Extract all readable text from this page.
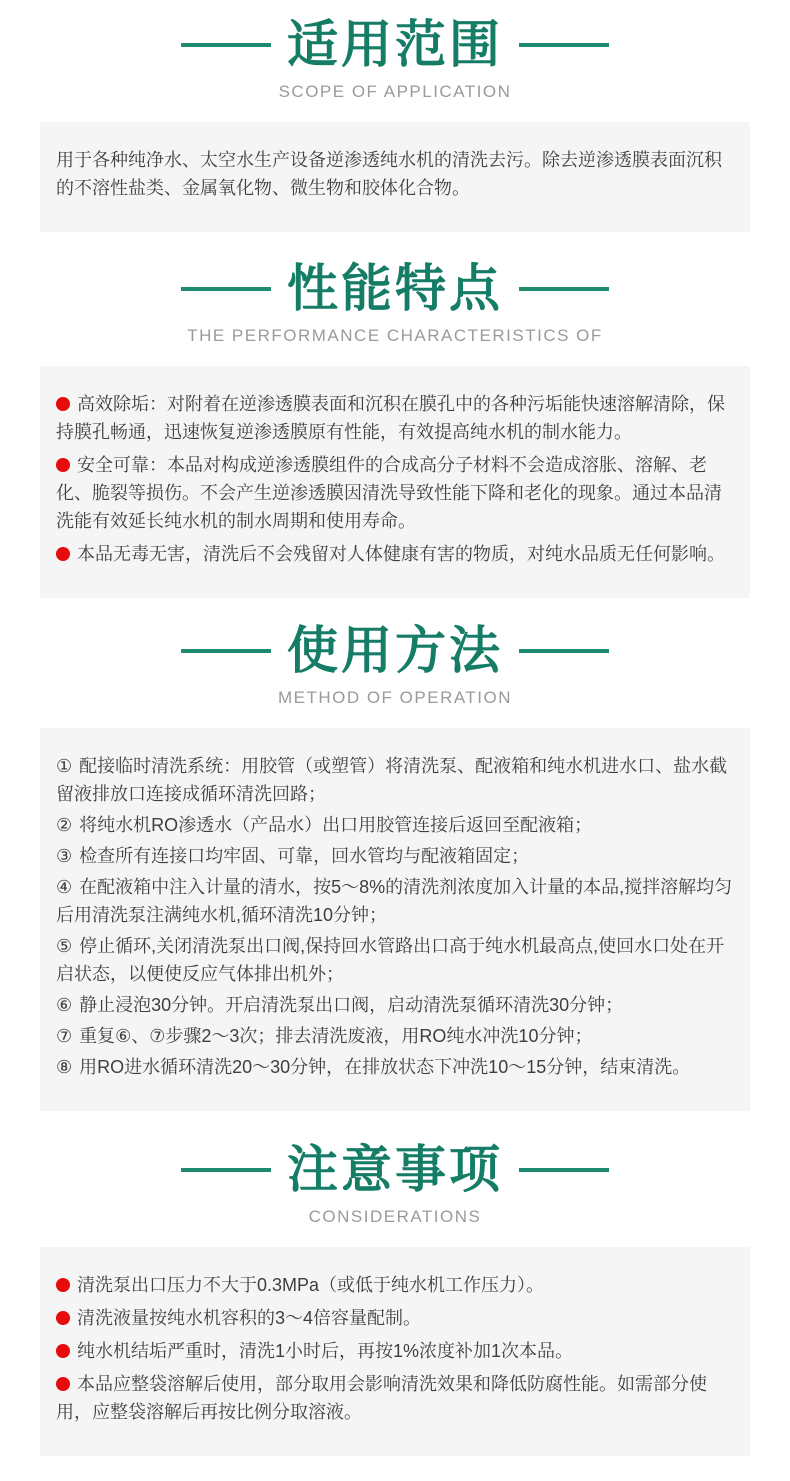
适用范围
SCOPE OF APPLICATION

用于各种纯净水、太空水生产设备逆渗透纯水机的清洗去污。除去逆渗透膜表面沉积的不溶性盐类、金属氧化物、微生物和胶体化合物。

性能特点
THE PERFORMANCE CHARACTERISTICS OF

高效除垢：对附着在逆渗透膜表面和沉积在膜孔中的各种污垢能快速溶解清除，保持膜孔畅通，迅速恢复逆渗透膜原有性能，有效提高纯水机的制水能力。

安全可靠：本品对构成逆渗透膜组件的合成高分子材料不会造成溶胀、溶解、老化、脆裂等损伤。不会产生逆渗透膜因清洗导致性能下降和老化的现象。通过本品清洗能有效延长纯水机的制水周期和使用寿命。

本品无毒无害，清洗后不会残留对人体健康有害的物质，对纯水品质无任何影响。

使用方法
METHOD OF OPERATION

① 配接临时清洗系统：用胶管（或塑管）将清洗泵、配液箱和纯水机进水口、盐水截留液排放口连接成循环清洗回路；

② 将纯水机RO渗透水（产品水）出口用胶管连接后返回至配液箱；

③ 检查所有连接口均牢固、可靠，回水管均与配液箱固定；

④ 在配液箱中注入计量的清水，按5～8%的清洗剂浓度加入计量的本品,搅拌溶解均匀后用清洗泵注满纯水机,循环清洗10分钟；

⑤ 停止循环,关闭清洗泵出口阀,保持回水管路出口高于纯水机最高点,使回水口处在开启状态，以便使反应气体排出机外；

⑥ 静止浸泡30分钟。开启清洗泵出口阀，启动清洗泵循环清洗30分钟；

⑦ 重复⑥、⑦步骤2～3次；排去清洗废液，用RO纯水冲洗10分钟；

⑧ 用RO进水循环清洗20～30分钟，在排放状态下冲洗10～15分钟，结束清洗。

注意事项
CONSIDERATIONS

清洗泵出口压力不大于0.3MPa（或低于纯水机工作压力）。

清洗液量按纯水机容积的3～4倍容量配制。

纯水机结垢严重时，清洗1小时后，再按1%浓度补加1次本品。

本品应整袋溶解后使用，部分取用会影响清洗效果和降低防腐性能。如需部分使用，应整袋溶解后再按比例分取溶液。
